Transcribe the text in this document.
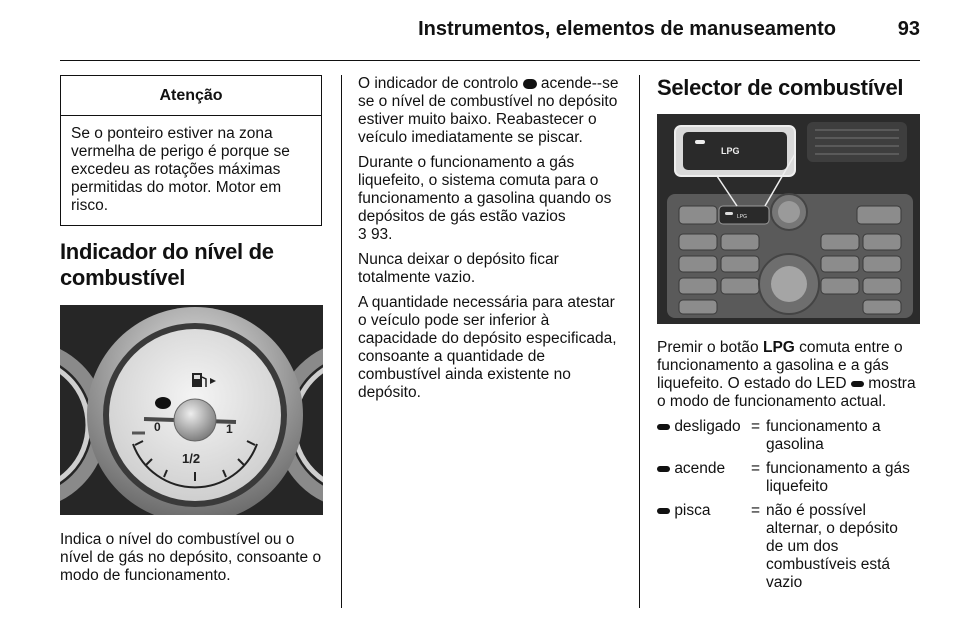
Instrumentos, elementos de manuseamento	93
Atenção
Se o ponteiro estiver na zona vermelha de perigo é porque se excedeu as rotações máximas permitidas do motor. Motor em risco.
Indicador do nível de combustível
0
1/2
1

Indica o nível do combustível ou o nível de gás no depósito, consoante o modo de funcionamento.

O indicador de controlo acende--se se o nível de combustível no depósito estiver muito baixo. Reabastecer o veículo imediatamente se piscar.

Durante o funcionamento a gás liquefeito, o sistema comuta para o funcionamento a gasolina quando os depósitos de gás estão vazios
3 93.

Nunca deixar o depósito ficar totalmente vazio.

A quantidade necessária para atestar o veículo pode ser inferior à capacidade do depósito especificada, consoante a quantidade de combustível ainda existente no depósito.

Selector de combustível
LPG
LPG

Premir o botão LPG comuta entre o funcionamento a gasolina e a gás liquefeito. O estado do LED mostra o modo de funcionamento actual.

desligado = funcionamento a gasolina
acende	= funcionamento a gás liquefeito
pisca	= não é possível alternar, o depósito de um dos combustíveis está vazio
